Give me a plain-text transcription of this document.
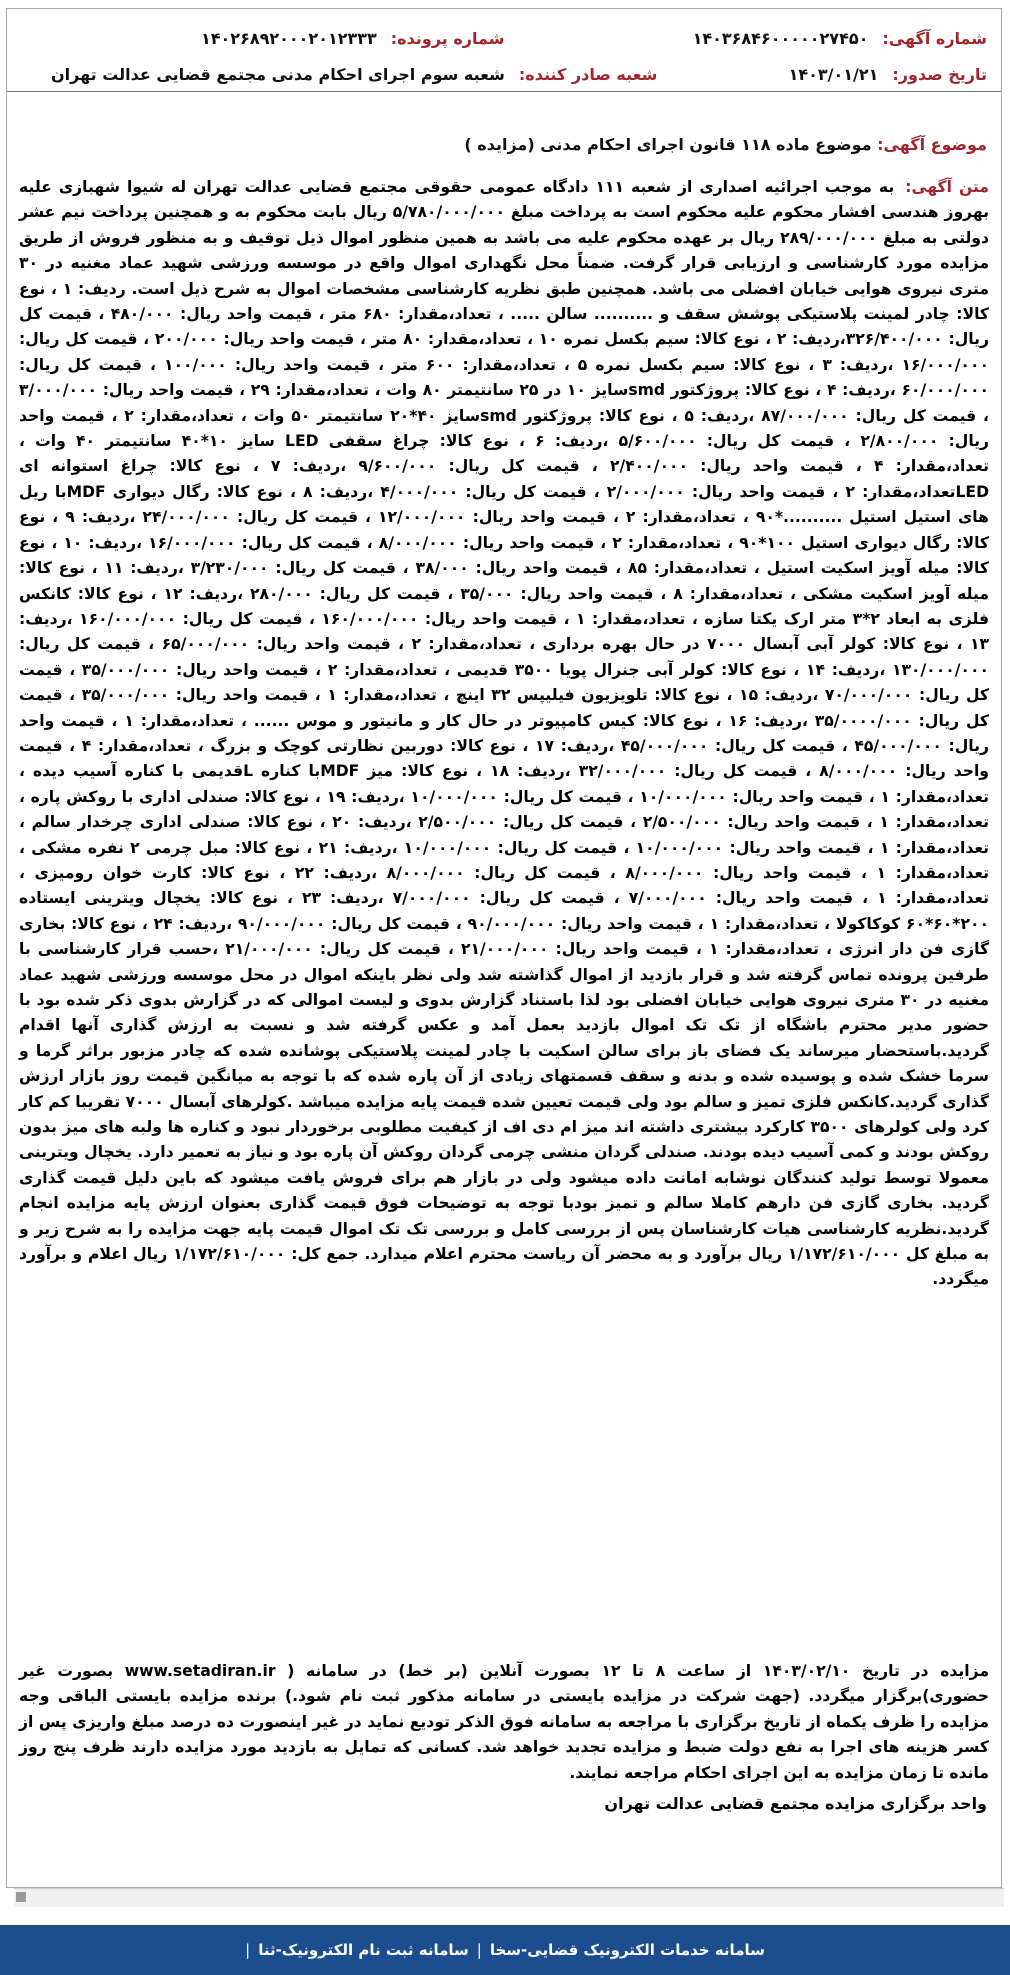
شماره آگهی:
۱۴۰۳۶۸۴۶۰۰۰۰۰۲۷۴۵۰
شماره پرونده:
۱۴۰۲۶۸۹۲۰۰۰۲۰۱۲۳۳۳
تاریخ صدور:
۱۴۰۳/۰۱/۲۱
شعبه صادر کننده:
شعبه سوم اجرای احکام مدنی مجتمع قضایی عدالت تهران
موضوع آگهی: موضوع ماده ۱۱۸ قانون اجرای احکام مدنی (مزایده )
متن آگهی: به موجب اجرائیه اصداری از شعبه ۱۱۱ دادگاه عمومی حقوقی مجتمع قضایی عدالت تهران له شیوا شهبازی علیه بهروز هندسی افشار محکوم علیه محکوم است به پرداخت مبلغ ۵/۷۸۰/۰۰۰/۰۰۰ ریال بابت محکوم به و همچنین پرداخت نیم عشر دولتی به مبلغ ۲۸۹/۰۰۰/۰۰۰ ریال بر عهده محکوم علیه می باشد به همین منظور اموال ذیل توقیف و به منظور فروش از طریق مزایده مورد کارشناسی و ارزیابی قرار گرفت. ضمناً محل نگهداری اموال واقع در موسسه ورزشی شهید عماد مغنیه در ۳۰ متری نیروی هوایی خیابان افضلی می باشد. همچنین طبق نظریه کارشناسی مشخصات اموال به شرح ذیل است. ردیف: ۱ ، نوع کالا: چادر لمینت پلاستیکی پوشش سقف و .......... سالن ..... ، تعداد،مقدار: ۶۸۰ متر ، قیمت واحد ریال: ۴۸۰/۰۰۰ ، قیمت کل ریال: ۳۲۶/۴۰۰/۰۰۰،ردیف: ۲ ، نوع کالا: سیم بکسل نمره ۱۰ ، تعداد،مقدار: ۸۰ متر ، قیمت واحد ریال: ۲۰۰/۰۰۰ ، قیمت کل ریال: ۱۶/۰۰۰/۰۰۰ ،ردیف: ۳ ، نوع کالا: سیم بکسل نمره ۵ ، تعداد،مقدار: ۶۰۰ متر ، قیمت واحد ریال: ۱۰۰/۰۰۰ ، قیمت کل ریال: ۶۰/۰۰۰/۰۰۰ ،ردیف: ۴ ، نوع کالا: پروژکتور smdسایز ۱۰ در ۲۵ سانتیمتر ۸۰ وات ، تعداد،مقدار: ۲۹ ، قیمت واحد ریال: ۳/۰۰۰/۰۰۰ ، قیمت کل ریال: ۸۷/۰۰۰/۰۰۰ ،ردیف: ۵ ، نوع کالا: پروژکتور smdسایز ۴۰*۲۰ سانتیمتر ۵۰ وات ، تعداد،مقدار: ۲ ، قیمت واحد ریال: ۲/۸۰۰/۰۰۰ ، قیمت کل ریال: ۵/۶۰۰/۰۰۰ ،ردیف: ۶ ، نوع کالا: چراغ سقفی LED سایز ۱۰*۴۰ سانتیمتر ۴۰ وات ، تعداد،مقدار: ۴ ، قیمت واحد ریال: ۲/۴۰۰/۰۰۰ ، قیمت کل ریال: ۹/۶۰۰/۰۰۰ ،ردیف: ۷ ، نوع کالا: چراغ استوانه ای LEDتعداد،مقدار: ۲ ، قیمت واحد ریال: ۲/۰۰۰/۰۰۰ ، قیمت کل ریال: ۴/۰۰۰/۰۰۰ ،ردیف: ۸ ، نوع کالا: رگال دیواری MDFبا ریل های استیل استیل ..........*۹۰ ، تعداد،مقدار: ۲ ، قیمت واحد ریال: ۱۲/۰۰۰/۰۰۰ ، قیمت کل ریال: ۲۴/۰۰۰/۰۰۰ ،ردیف: ۹ ، نوع کالا: رگال دیواری استیل ۱۰۰*۹۰ ، تعداد،مقدار: ۲ ، قیمت واحد ریال: ۸/۰۰۰/۰۰۰ ، قیمت کل ریال: ۱۶/۰۰۰/۰۰۰ ،ردیف: ۱۰ ، نوع کالا: میله آویز اسکیت استیل ، تعداد،مقدار: ۸۵ ، قیمت واحد ریال: ۳۸/۰۰۰ ، قیمت کل ریال: ۳/۲۳۰/۰۰۰ ،ردیف: ۱۱ ، نوع کالا: میله آویز اسکیت مشکی ، تعداد،مقدار: ۸ ، قیمت واحد ریال: ۳۵/۰۰۰ ، قیمت کل ریال: ۲۸۰/۰۰۰ ،ردیف: ۱۲ ، نوع کالا: کانکس فلزی به ابعاد ۲*۳ متر ارک یکتا سازه ، تعداد،مقدار: ۱ ، قیمت واحد ریال: ۱۶۰/۰۰۰/۰۰۰ ، قیمت کل ریال: ۱۶۰/۰۰۰/۰۰۰ ،ردیف: ۱۳ ، نوع کالا: کولر آبی آبسال ۷۰۰۰ در حال بهره برداری ، تعداد،مقدار: ۲ ، قیمت واحد ریال: ۶۵/۰۰۰/۰۰۰ ، قیمت کل ریال: ۱۳۰/۰۰۰/۰۰۰ ،ردیف: ۱۴ ، نوع کالا: کولر آبی جنرال پویا ۳۵۰۰ قدیمی ، تعداد،مقدار: ۲ ، قیمت واحد ریال: ۳۵/۰۰۰/۰۰۰ ، قیمت کل ریال: ۷۰/۰۰۰/۰۰۰ ،ردیف: ۱۵ ، نوع کالا: تلویزیون فیلیپس ۳۲ اینچ ، تعداد،مقدار: ۱ ، قیمت واحد ریال: ۳۵/۰۰۰/۰۰۰ ، قیمت کل ریال: ۳۵/۰۰۰۰/۰۰۰ ،ردیف: ۱۶ ، نوع کالا: کیس کامپیوتر در حال کار و مانیتور و موس ...... ، تعداد،مقدار: ۱ ، قیمت واحد ریال: ۴۵/۰۰۰/۰۰۰ ، قیمت کل ریال: ۴۵/۰۰۰/۰۰۰ ،ردیف: ۱۷ ، نوع کالا: دوربین نظارتی کوچک و بزرگ ، تعداد،مقدار: ۴ ، قیمت واحد ریال: ۸/۰۰۰/۰۰۰ ، قیمت کل ریال: ۳۲/۰۰۰/۰۰۰ ،ردیف: ۱۸ ، نوع کالا: میز MDFبا کناره Lقدیمی با کناره آسیب دیده ، تعداد،مقدار: ۱ ، قیمت واحد ریال: ۱۰/۰۰۰/۰۰۰ ، قیمت کل ریال: ۱۰/۰۰۰/۰۰۰ ،ردیف: ۱۹ ، نوع کالا: صندلی اداری با روکش پاره ، تعداد،مقدار: ۱ ، قیمت واحد ریال: ۲/۵۰۰/۰۰۰ ، قیمت کل ریال: ۲/۵۰۰/۰۰۰ ،ردیف: ۲۰ ، نوع کالا: صندلی اداری چرخدار سالم ، تعداد،مقدار: ۱ ، قیمت واحد ریال: ۱۰/۰۰۰/۰۰۰ ، قیمت کل ریال: ۱۰/۰۰۰/۰۰۰ ،ردیف: ۲۱ ، نوع کالا: مبل چرمی ۲ نفره مشکی ، تعداد،مقدار: ۱ ، قیمت واحد ریال: ۸/۰۰۰/۰۰۰ ، قیمت کل ریال: ۸/۰۰۰/۰۰۰ ،ردیف: ۲۲ ، نوع کالا: کارت خوان رومیزی ، تعداد،مقدار: ۱ ، قیمت واحد ریال: ۷/۰۰۰/۰۰۰ ، قیمت کل ریال: ۷/۰۰۰/۰۰۰ ،ردیف: ۲۳ ، نوع کالا: یخچال ویترینی ایستاده ۲۰۰*۶۰*۶۰ کوکاکولا ، تعداد،مقدار: ۱ ، قیمت واحد ریال: ۹۰/۰۰۰/۰۰۰ ، قیمت کل ریال: ۹۰/۰۰۰/۰۰۰ ،ردیف: ۲۴ ، نوع کالا: بخاری گازی فن دار انرژی ، تعداد،مقدار: ۱ ، قیمت واحد ریال: ۲۱/۰۰۰/۰۰۰ ، قیمت کل ریال: ۲۱/۰۰۰/۰۰۰ ،حسب قرار کارشناسی با طرفین پرونده تماس گرفته شد و قرار بازدید از اموال گذاشته شد ولی نظر باینکه اموال در محل موسسه ورزشی شهید عماد مغنیه در ۳۰ متری نیروی هوایی خیابان افضلی بود لذا باستناد گزارش بدوی و لیست اموالی که در گزارش بدوی ذکر شده بود با حضور مدیر محترم باشگاه از تک تک اموال بازدید بعمل آمد و عکس گرفته شد و نسبت به ارزش گذاری آنها اقدام گردید.باستحضار میرساند یک فضای باز برای سالن اسکیت با چادر لمینت پلاستیکی پوشانده شده که چادر مزبور براثر گرما و سرما خشک شده و پوسیده شده و بدنه و سقف قسمتهای زیادی از آن پاره شده که با توجه به میانگین قیمت روز بازار ارزش گذاری گردید.کانکس فلزی تمیز و سالم بود ولی قیمت تعیین شده قیمت پایه مزایده میباشد .کولرهای آبسال ۷۰۰۰ تقریبا کم کار کرد ولی کولرهای ۳۵۰۰ کارکرد بیشتری داشته اند میز ام دی اف از کیفیت مطلوبی برخوردار نبود و کناره ها ولبه های میز بدون روکش بودند و کمی آسیب دیده بودند. صندلی گردان منشی چرمی گردان روکش آن پاره بود و نیاز به تعمیر دارد. یخچال ویترینی معمولا توسط تولید کنندگان نوشابه امانت داده میشود ولی در بازار هم برای فروش یافت میشود که باین دلیل قیمت گذاری گردید. بخاری گازی فن دارهم کاملا سالم و تمیز بودبا توجه به توضیحات فوق قیمت گذاری بعنوان ارزش پایه مزایده انجام گردید.نظریه کارشناسی هیات کارشناسان پس از بررسی کامل و بررسی تک تک اموال قیمت پایه جهت مزایده را به شرح زیر و به مبلغ کل ۱/۱۷۲/۶۱۰/۰۰۰ ریال برآورد و به محضر آن ریاست محترم اعلام میدارد. جمع کل: ۱/۱۷۲/۶۱۰/۰۰۰ ریال اعلام و برآورد میگردد.
مزایده در تاریخ ۱۴۰۳/۰۲/۱۰ از ساعت ۸ تا ۱۲ بصورت آنلاین (بر خط) در سامانه ( www.setadiran.ir بصورت غیر حضوری)برگزار میگردد. (جهت شرکت در مزایده بایستی در سامانه مذکور ثبت نام شود.) برنده مزایده بایستی الباقی وجه مزایده را ظرف یکماه از تاریخ برگزاری با مراجعه به سامانه فوق الذکر تودیع نماید در غیر اینصورت ده درصد مبلغ واریزی پس از کسر هزینه های اجرا به نفع دولت ضبط و مزایده تجدید خواهد شد. کسانی که تمایل به بازدید مورد مزایده دارند ظرف پنج روز مانده تا زمان مزایده به این اجرای احکام مراجعه نمایند.
واحد برگزاری مزایده مجتمع قضایی عدالت تهران
سامانه خدمات الکترونیک قضایی-سخا
|
سامانه ثبت نام الکترونیک-ثنا
|
